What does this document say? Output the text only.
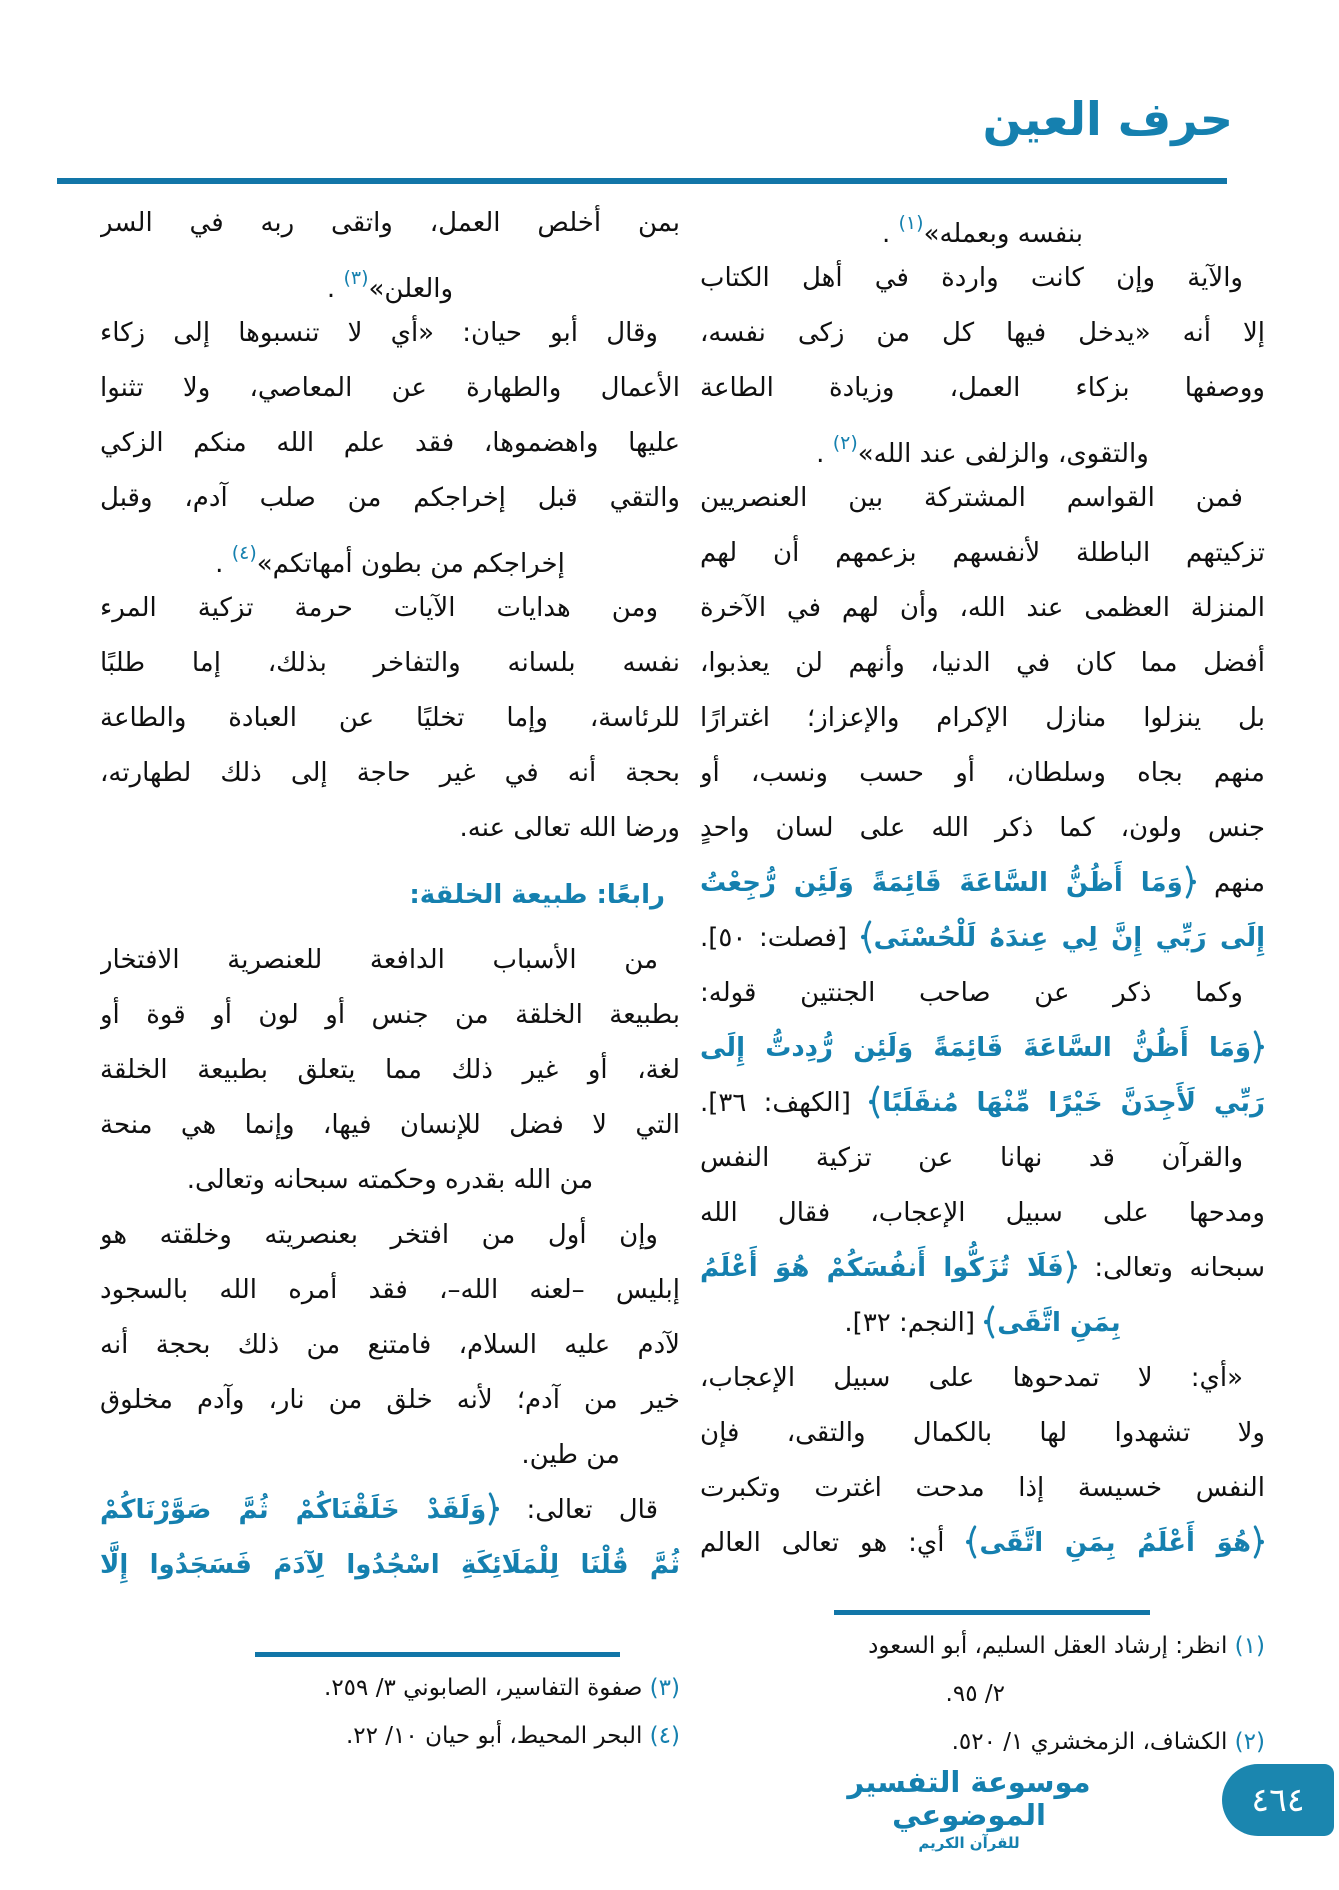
حرف العين
بنفسه وبعمله»$^{(١)}$ .
والآية وإن كانت واردة في أهل الكتاب
إلا أنه «يدخل فيها كل من زكى نفسه،
ووصفها بزكاء العمل، وزيادة الطاعة
والتقوى، والزلفى عند الله»$^{(٢)}$ .
فمن القواسم المشتركة بين العنصريين
تزكيتهم الباطلة لأنفسهم بزعمهم أن لهم
المنزلة العظمى عند الله، وأن لهم في الآخرة
أفضل مما كان في الدنيا، وأنهم لن يعذبوا،
بل ينزلوا منازل الإكرام والإعزاز؛ اغترارًا
منهم بجاه وسلطان، أو حسب ونسب، أو
جنس ولون، كما ذكر الله على لسان واحدٍ
منهم وَمَا أَظُنُّ السَّاعَةَ قَائِمَةً وَلَئِن رُّجِعْتُ
إِلَى رَبِّي إِنَّ لِي عِندَهُ لَلْحُسْنَى [فصلت: ٥٠].
وكما ذكر عن صاحب الجنتين قوله:
وَمَا أَظُنُّ السَّاعَةَ قَائِمَةً وَلَئِن رُّدِدتُّ إِلَى
رَبِّي لَأَجِدَنَّ خَيْرًا مِّنْهَا مُنقَلَبًا [الكهف: ٣٦].
والقرآن قد نهانا عن تزكية النفس
ومدحها على سبيل الإعجاب، فقال الله
سبحانه وتعالى: فَلَا تُزَكُّوا أَنفُسَكُمْ هُوَ أَعْلَمُ
بِمَنِ اتَّقَى [النجم: ٣٢].
«أي: لا تمدحوها على سبيل الإعجاب،
ولا تشهدوا لها بالكمال والتقى، فإن
النفس خسيسة إذا مدحت اغترت وتكبرت
هُوَ أَعْلَمُ بِمَنِ اتَّقَى أي: هو تعالى العالم
بمن أخلص العمل، واتقى ربه في السر
والعلن»$^{(٣)}$ .
وقال أبو حيان: «أي لا تنسبوها إلى زكاء
الأعمال والطهارة عن المعاصي، ولا تثنوا
عليها واهضموها، فقد علم الله منكم الزكي
والتقي قبل إخراجكم من صلب آدم، وقبل
إخراجكم من بطون أمهاتكم»$^{(٤)}$ .
ومن هدايات الآيات حرمة تزكية المرء
نفسه بلسانه والتفاخر بذلك، إما طلبًا
للرئاسة، وإما تخليًا عن العبادة والطاعة
بحجة أنه في غير حاجة إلى ذلك لطهارته،
ورضا الله تعالى عنه.
رابعًا: طبيعة الخلقة:
من الأسباب الدافعة للعنصرية الافتخار
بطبيعة الخلقة من جنس أو لون أو قوة أو
لغة، أو غير ذلك مما يتعلق بطبيعة الخلقة
التي لا فضل للإنسان فيها، وإنما هي منحة
من الله بقدره وحكمته سبحانه وتعالى.
وإن أول من افتخر بعنصريته وخلقته هو
إبليس –لعنه الله–، فقد أمره الله بالسجود
لآدم عليه السلام، فامتنع من ذلك بحجة أنه
خير من آدم؛ لأنه خلق من نار، وآدم مخلوق
من طين.
قال تعالى: وَلَقَدْ خَلَقْنَاكُمْ ثُمَّ صَوَّرْنَاكُمْ
ثُمَّ قُلْنَا لِلْمَلَائِكَةِ اسْجُدُوا لِآدَمَ فَسَجَدُوا إِلَّا
(١) انظر: إرشاد العقل السليم، أبو السعود
٢/ ٩٥.
(٢) الكشاف، الزمخشري ١/ ٥٢٠.
(٣) صفوة التفاسير، الصابوني ٣/ ٢٥٩.
(٤) البحر المحيط، أبو حيان ١٠/ ٢٢.
موسوعة التفسير الموضوعي
للقرآن الكريم
٤٦٤
